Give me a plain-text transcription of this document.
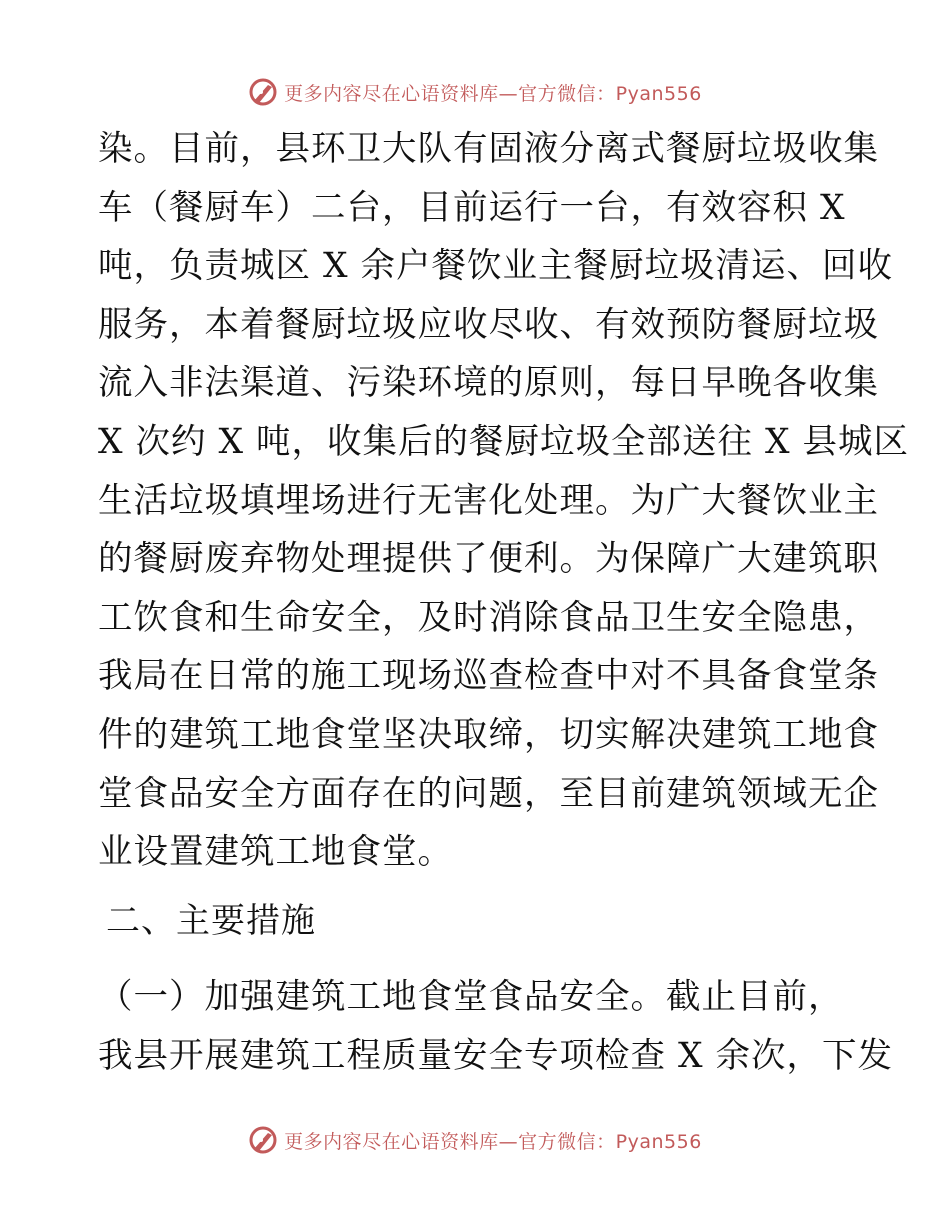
更多内容尽在心语资料库—官方微信：Pyan556
染。目前，县环卫大队有固液分离式餐厨垃圾收集
车（餐厨车）二台，目前运行一台，有效容积 X
吨，负责城区 X 余户餐饮业主餐厨垃圾清运、回收
服务，本着餐厨垃圾应收尽收、有效预防餐厨垃圾
流入非法渠道、污染环境的原则，每日早晚各收集
X 次约 X 吨，收集后的餐厨垃圾全部送往 X 县城区
生活垃圾填埋场进行无害化处理。为广大餐饮业主
的餐厨废弃物处理提供了便利。为保障广大建筑职
工饮食和生命安全，及时消除食品卫生安全隐患，
我局在日常的施工现场巡查检查中对不具备食堂条
件的建筑工地食堂坚决取缔，切实解决建筑工地食
堂食品安全方面存在的问题，至目前建筑领域无企
业设置建筑工地食堂。
二、主要措施
（一）加强建筑工地食堂食品安全。截止目前，
我县开展建筑工程质量安全专项检查 X 余次，下发
更多内容尽在心语资料库—官方微信：Pyan556
